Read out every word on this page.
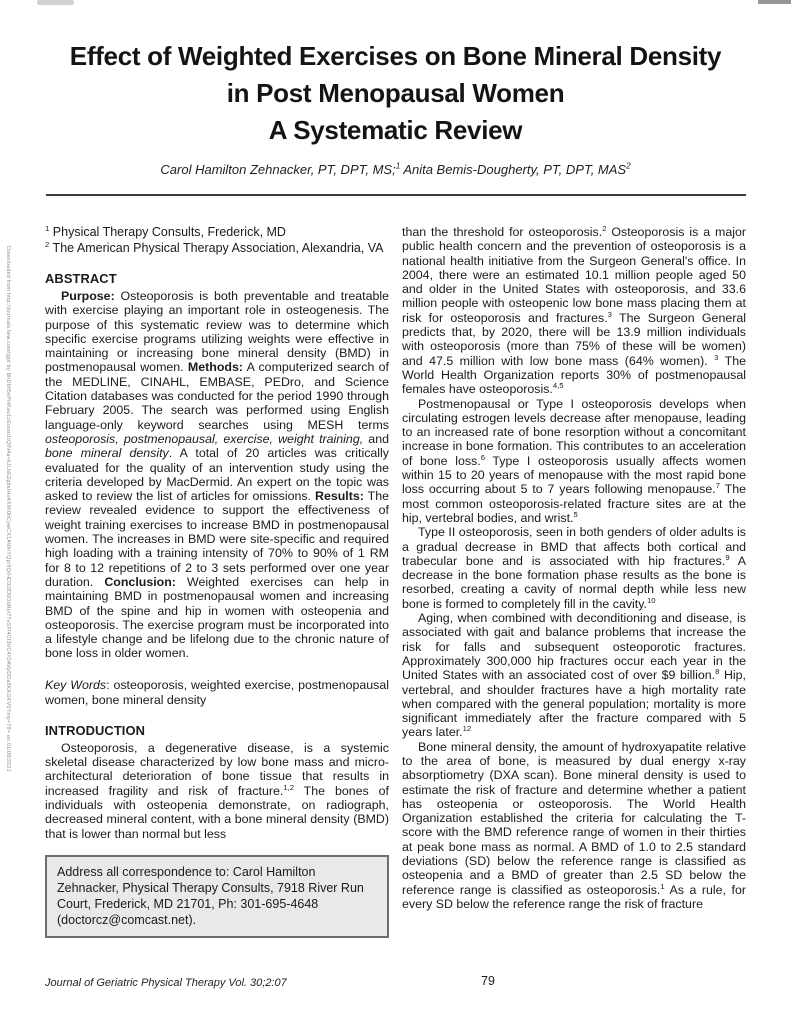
Downloaded from http://journals.lww.com/jgpt by BhDMf5ePHKav1zEoum1tQfN4a+kJLhEZgbsIHo4XMi0hCywCX1AWnYQp/IlQrHD3i3D0OdRyi7TvSFl4Cf3VC4/OAVpDDa8KKGKV0Ymy+78= on 01/08/2021
Effect of Weighted Exercises on Bone Mineral Density
in Post Menopausal Women
A Systematic Review
Carol Hamilton Zehnacker, PT, DPT, MS;$^1$ Anita Bemis-Dougherty, PT, DPT, MAS$^2$

$^1$ Physical Therapy Consults, Frederick, MD

$^2$ The American Physical Therapy Association, Alexandria, VA

ABSTRACT

Purpose: Osteoporosis is both preventable and treatable with exercise playing an important role in osteogenesis. The purpose of this systematic review was to determine which specific exercise programs utilizing weights were effective in maintaining or increasing bone mineral density (BMD) in postmenopausal women. Methods: A computerized search of the MEDLINE, CINAHL, EMBASE, PEDro, and Science Citation databases was conducted for the period 1990 through February 2005. The search was performed using English language-only keyword searches using MESH terms osteoporosis, postmenopausal, exercise, weight training, and bone mineral density. A total of 20 articles was critically evaluated for the quality of an intervention study using the criteria developed by MacDermid. An expert on the topic was asked to review the list of articles for omissions. Results: The review revealed evidence to support the effectiveness of weight training exercises to increase BMD in postmenopausal women. The increases in BMD were site-specific and required high loading with a training intensity of 70% to 90% of 1 RM for 8 to 12 repetitions of 2 to 3 sets performed over one year duration. Conclusion: Weighted exercises can help in maintaining BMD in postmenopausal women and increasing BMD of the spine and hip in women with osteopenia and osteoporosis. The exercise program must be incorporated into a lifestyle change and be lifelong due to the chronic nature of bone loss in older women.

Key Words: osteoporosis, weighted exercise, postmenopausal women, bone mineral density
INTRODUCTION

Osteoporosis, a degenerative disease, is a systemic skeletal disease characterized by low bone mass and micro-architectural deterioration of bone tissue that results in increased fragility and risk of fracture.$^{1,2}$ The bones of individuals with osteopenia demonstrate, on radiograph, decreased mineral content, with a bone mineral density (BMD) that is lower than normal but less

Address all correspondence to: Carol Hamilton Zehnacker, Physical Therapy Consults, 7918 River Run Court, Frederick, MD 21701, Ph: 301-695-4648 (doctorcz@comcast.net).

than the threshold for osteoporosis.$^2$ Osteoporosis is a major public health concern and the prevention of osteoporosis is a national health initiative from the Surgeon General's office. In 2004, there were an estimated 10.1 million people aged 50 and older in the United States with osteoporosis, and 33.6 million people with osteopenic low bone mass placing them at risk for osteoporosis and fractures.$^3$ The Surgeon General predicts that, by 2020, there will be 13.9 million individuals with osteoporosis (more than 75% of these will be women) and 47.5 million with low bone mass (64% women). $^3$ The World Health Organization reports 30% of postmenopausal females have osteoporosis.$^{4,5}$

Postmenopausal or Type I osteoporosis develops when circulating estrogen levels decrease after menopause, leading to an increased rate of bone resorption without a concomitant increase in bone formation. This contributes to an acceleration of bone loss.$^6$ Type I osteoporosis usually affects women within 15 to 20 years of menopause with the most rapid bone loss occurring about 5 to 7 years following menopause.$^7$ The most common osteoporosis-related fracture sites are at the hip, vertebral bodies, and wrist.$^5$

Type II osteoporosis, seen in both genders of older adults is a gradual decrease in BMD that affects both cortical and trabecular bone and is associated with hip fractures.$^9$ A decrease in the bone formation phase results as the bone is resorbed, creating a cavity of normal depth while less new bone is formed to completely fill in the cavity.$^{10}$

Aging, when combined with deconditioning and disease, is associated with gait and balance problems that increase the risk for falls and subsequent osteoporotic fractures. Approximately 300,000 hip fractures occur each year in the United States with an associated cost of over $9 billion.$^8$ Hip, vertebral, and shoulder fractures have a high mortality rate when compared with the general population; mortality is more significant immediately after the fracture compared with 5 years later.$^{12}$

Bone mineral density, the amount of hydroxyapatite relative to the area of bone, is measured by dual energy x-ray absorptiometry (DXA scan). Bone mineral density is used to estimate the risk of fracture and determine whether a patient has osteopenia or osteoporosis. The World Health Organization established the criteria for calculating the T- score with the BMD reference range of women in their thirties at peak bone mass as normal. A BMD of 1.0 to 2.5 standard deviations (SD) below the reference range is classified as osteopenia and a BMD of greater than 2.5 SD below the reference range is classified as osteoporosis.$^1$ As a rule, for every SD below the reference range the risk of fracture

Journal of Geriatric Physical Therapy Vol. 30;2:07	79
